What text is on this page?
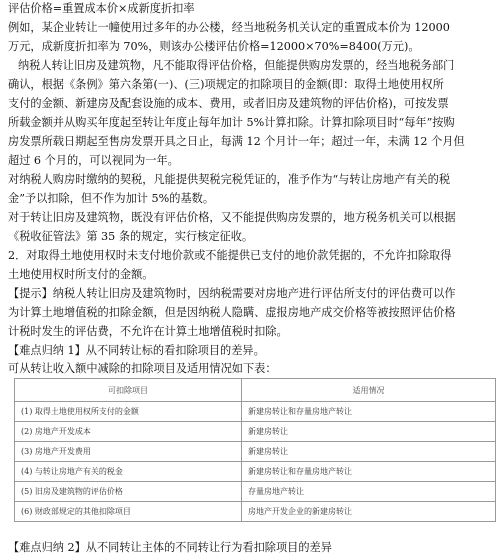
评估价格=重置成本价×成新度折扣率
例如，某企业转让一幢使用过多年的办公楼，经当地税务机关认定的重置成本价为 12000
万元，成新度折扣率为 70%，则该办公楼评估价格=12000×70%=8400(万元)。
纳税人转让旧房及建筑物，凡不能取得评估价格，但能提供购房发票的，经当地税务部门
确认，根据《条例》第六条第(一)、(三)项规定的扣除项目的金额(即：取得土地使用权所
支付的金额、新建房及配套设施的成本、费用，或者旧房及建筑物的评估价格)，可按发票
所载金额并从购买年度起至转让年度止每年加计 5%计算扣除。计算扣除项目时“每年”按购
房发票所载日期起至售房发票开具之日止，每满 12 个月计一年；超过一年，未满 12 个月但
超过 6 个月的，可以视同为一年。
对纳税人购房时缴纳的契税，凡能提供契税完税凭证的，准予作为“与转让房地产有关的税
金”予以扣除，但不作为加计 5%的基数。
对于转让旧房及建筑物，既没有评估价格，又不能提供购房发票的，地方税务机关可以根据
《税收征管法》第 35 条的规定，实行核定征收。
2．对取得土地使用权时未支付地价款或不能提供已支付的地价款凭据的，不允许扣除取得
土地使用权时所支付的金额。
【提示】纳税人转让旧房及建筑物时，因纳税需要对房地产进行评估所支付的评估费可以作
为计算土地增值税的扣除金额，但是因纳税人隐瞒、虚报房地产成交价格等被按照评估价格
计税时发生的评估费，不允许在计算土地增值税时扣除。
【难点归纳 1】从不同转让标的看扣除项目的差异。
可从转让收入额中减除的扣除项目及适用情况如下表：
可扣除项目	适用情况
(1) 取得土地使用权所支付的金额	新建房转让和存量房地产转让
(2) 房地产开发成本	新建房转让
(3) 房地产开发费用	新建房转让
(4) 与转让房地产有关的税金	新建房转让和存量房地产转让
(5) 旧房及建筑物的评估价格	存量房地产转让
(6) 财政部规定的其他扣除项目	房地产开发企业的新建房转让
【难点归纳 2】从不同转让主体的不同转让行为看扣除项目的差异
